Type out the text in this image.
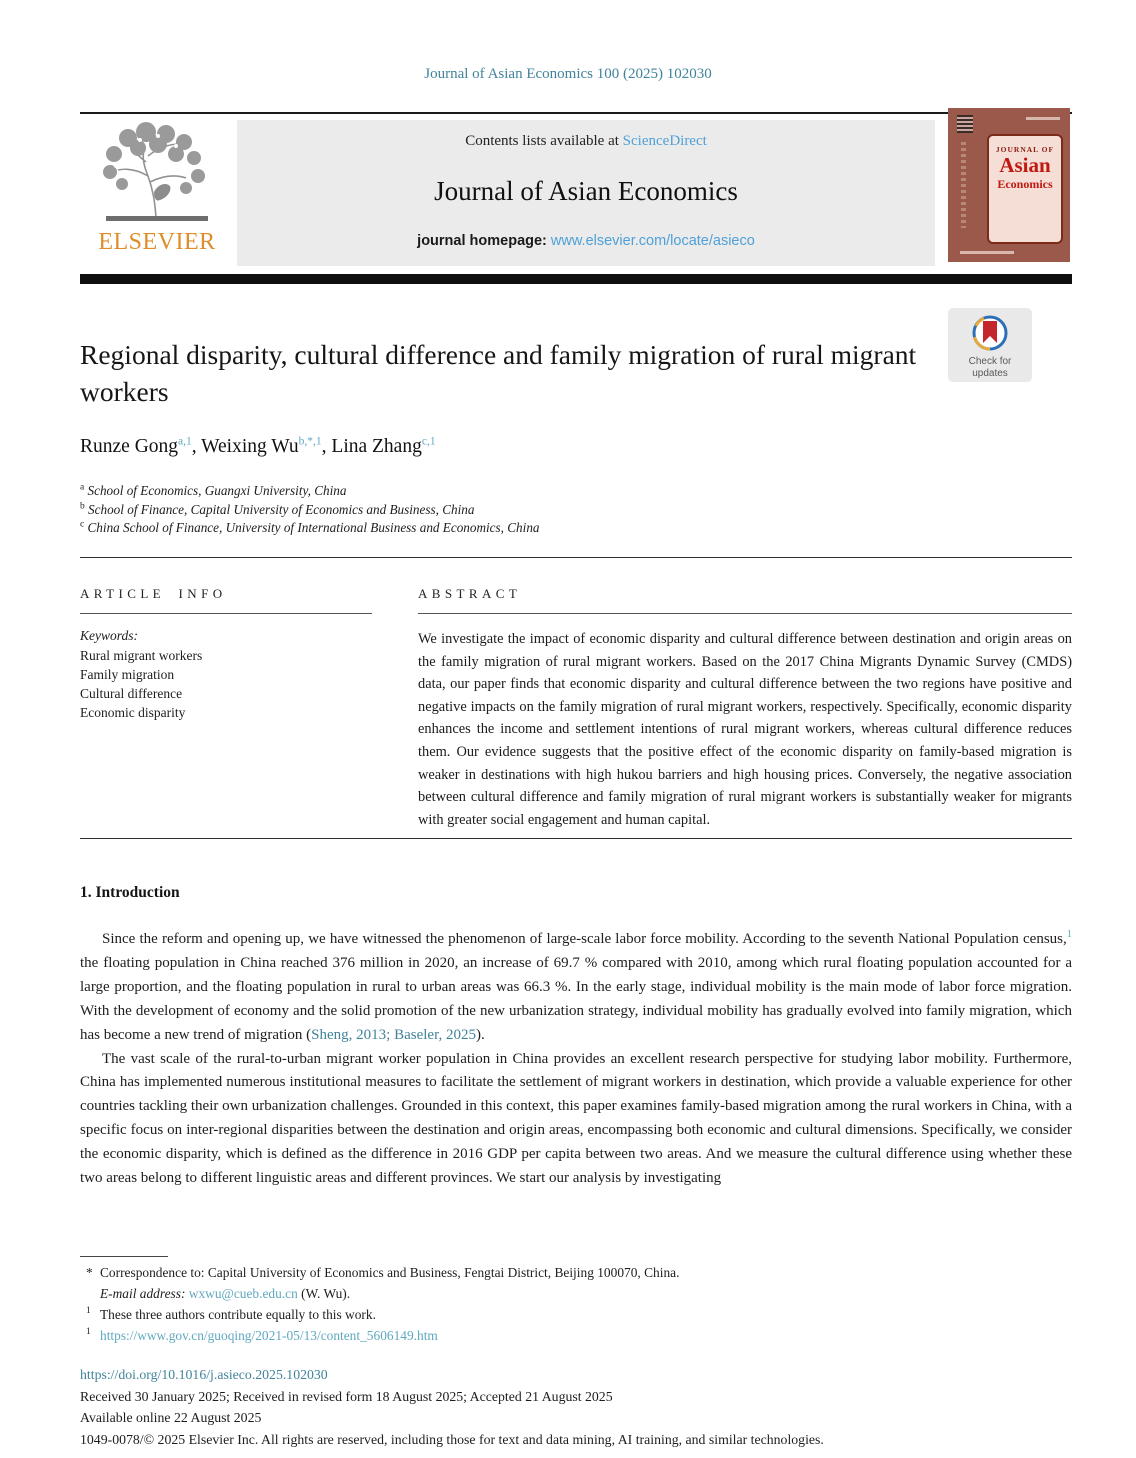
Journal of Asian Economics 100 (2025) 102030
ELSEVIER
Contents lists available at ScienceDirect
Journal of Asian Economics
journal homepage: www.elsevier.com/locate/asieco
JOURNAL OF
Asian
Economics
Regional disparity, cultural difference and family migration of rural migrant workers
Check for
updates
Runze Gong$^{a,1}$, Weixing $Wu^{b,*,1}$, Lina Zhang$^{c,1}$
$^a$ School of Economics, Guangxi University, China
$^b$ School of Finance, Capital University of Economics and Business, China
$^c$ China School of Finance, University of International Business and Economics, China
ARTICLE INFO
Keywords:
Rural migrant workers
Family migration
Cultural difference
Economic disparity
ABSTRACT

We investigate the impact of economic disparity and cultural difference between destination and origin areas on the family migration of rural migrant workers. Based on the 2017 China Migrants Dynamic Survey (CMDS) data, our paper finds that economic disparity and cultural difference between the two regions have positive and negative impacts on the family migration of rural migrant workers, respectively. Specifically, economic disparity enhances the income and settlement intentions of rural migrant workers, whereas cultural difference reduces them. Our evidence suggests that the positive effect of the economic disparity on family-based migration is weaker in destinations with high hukou barriers and high housing prices. Conversely, the negative association between cultural difference and family migration of rural migrant workers is substantially weaker for migrants with greater social engagement and human capital.

1. Introduction

Since the reform and opening up, we have witnessed the phenomenon of large-scale labor force mobility. According to the seventh National Population census,$^1$ the floating population in China reached 376 million in 2020, an increase of 69.7 % compared with 2010, among which rural floating population accounted for a large proportion, and the floating population in rural to urban areas was 66.3 %. In the early stage, individual mobility is the main mode of labor force migration. With the development of economy and the solid promotion of the new urbanization strategy, individual mobility has gradually evolved into family migration, which has become a new trend of migration (Sheng, 2013; Baseler, 2025).

The vast scale of the rural-to-urban migrant worker population in China provides an excellent research perspective for studying labor mobility. Furthermore, China has implemented numerous institutional measures to facilitate the settlement of migrant workers in destination, which provide a valuable experience for other countries tackling their own urbanization challenges. Grounded in this context, this paper examines family-based migration among the rural workers in China, with a specific focus on inter-regional disparities between the destination and origin areas, encompassing both economic and cultural dimensions. Specifically, we consider the economic disparity, which is defined as the difference in 2016 GDP per capita between two areas. And we measure the cultural difference using whether these two areas belong to different linguistic areas and different provinces. We start our analysis by investigating

* Correspondence to: Capital University of Economics and Business, Fengtai District, Beijing 100070, China.
E-mail address: wxwu@cueb.edu.cn (W. Wu).
1 These three authors contribute equally to this work.
1 https://www.gov.cn/guoqing/2021-05/13/content_5606149.htm
https://doi.org/10.1016/j.asieco.2025.102030
Received 30 January 2025; Received in revised form 18 August 2025; Accepted 21 August 2025
Available online 22 August 2025
1049-0078/© 2025 Elsevier Inc. All rights are reserved, including those for text and data mining, AI training, and similar technologies.
